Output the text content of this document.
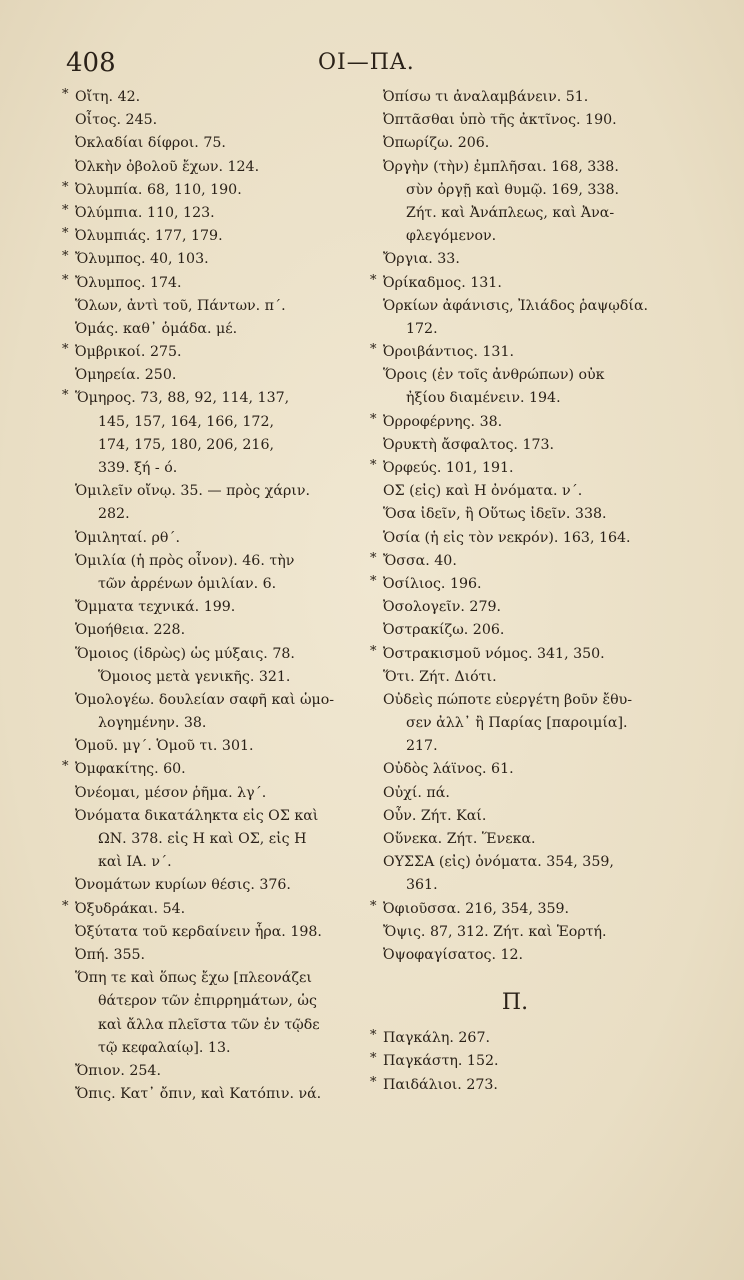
408	ΟΙ—ΠΑ.
* Οἴτη. 42.
Οἶτος. 245.
Ὀκλαδίαι δίφροι. 75.
Ὀλκὴν ὀβολοῦ ἔχων. 124.
* Ὀλυμπία. 68, 110, 190.
* Ὀλύμπια. 110, 123.
* Ὀλυμπιάς. 177, 179.
* Ὄλυμπος. 40, 103.
* Ὄλυμπος. 174.
Ὅλων, ἀντὶ τοῦ, Πάντων. π΄.
Ὁμάς. καθ᾿ ὁμάδα. μέ.
* Ὀμβρικοί. 275.
Ὁμηρεία. 250.
* Ὅμηρος. 73, 88, 92, 114, 137,
145, 157, 164, 166, 172,
174, 175, 180, 206, 216,
339. ξή - ό.
Ὁμιλεῖν οἴνῳ. 35. — πρὸς χάριν.
282.
Ὁμιληταί. ρθ΄.
Ὁμιλία (ἡ πρὸς οἶνον). 46. τὴν
τῶν ἀρρένων ὁμιλίαν. 6.
Ὄμματα τεχνικά. 199.
Ὁμοήθεια. 228.
Ὅμοιος (ἱδρὼς) ὡς μύξαις. 78.
Ὅμοιος μετὰ γενικῆς. 321.
Ὁμολογέω. δουλείαν σαφῆ καὶ ὡμο-
λογημένην. 38.
Ὁμοῦ. μγ΄. Ὁμοῦ τι. 301.
* Ὀμφακίτης. 60.
Ὀνέομαι, μέσον ῥῆμα. λγ΄.
Ὀνόματα δικατάληκτα εἰς ΟΣ καὶ
ΩΝ. 378. εἰς Η καὶ ΟΣ, εἰς Η
καὶ ΙΑ. ν΄.
Ὀνομάτων κυρίων θέσις. 376.
* Ὀξυδράκαι. 54.
Ὀξύτατα τοῦ κερδαίνειν ἧρα. 198.
Ὀπή. 355.
Ὅπη τε καὶ ὅπως ἔχω [πλεονάζει
θάτερον τῶν ἐπιρρημάτων, ὡς
καὶ ἄλλα πλεῖστα τῶν ἐν τῷδε
τῷ κεφαλαίῳ]. 13.
Ὄπιον. 254.
Ὄπις. Κατ᾿ ὄπιν, καὶ Κατόπιν. νά.
Ὀπίσω τι ἀναλαμβάνειν. 51.
Ὀπτᾶσθαι ὑπὸ τῆς ἀκτῖνος. 190.
Ὀπωρίζω. 206.
Ὀργὴν (τὴν) ἐμπλῆσαι. 168, 338.
σὺν ὀργῇ καὶ θυμῷ. 169, 338.
Ζήτ. καὶ Ἀνάπλεως, καὶ Ἀνα-
φλεγόμενον.
Ὄργια. 33.
* Ὀρίκαδμος. 131.
Ὁρκίων ἀφάνισις, Ἰλιάδος ῥαψῳδία.
172.
* Ὀροιβάντιος. 131.
Ὅροις (ἐν τοῖς ἀνθρώπων) οὐκ
ἠξίου διαμένειν. 194.
* Ὀρροφέρνης. 38.
Ὀρυκτὴ ἄσφαλτος. 173.
* Ὀρφεύς. 101, 191.
ΟΣ (εἰς) καὶ Η ὀνόματα. ν΄.
Ὅσα ἰδεῖν, ἢ Οὕτως ἰδεῖν. 338.
Ὁσία (ἡ εἰς τὸν νεκρόν). 163, 164.
* Ὄσσα. 40.
* Ὀσίλιος. 196.
Ὀσολογεῖν. 279.
Ὀστρακίζω. 206.
* Ὀστρακισμοῦ νόμος. 341, 350.
Ὅτι. Ζήτ. Διότι.
Οὐδεὶς πώποτε εὐεργέτη βοῦν ἔθυ-
σεν ἀλλ᾿ ἢ Παρίας [παροιμία].
217.
Οὐδὸς λάϊνος. 61.
Οὐχί. πά.
Οὖν. Ζήτ. Καί.
Οὕνεκα. Ζήτ. Ἕνεκα.
ΟΥΣΣΑ (εἰς) ὀνόματα. 354, 359,
361.
* Ὀφιοῦσσα. 216, 354, 359.
Ὄψις. 87, 312. Ζήτ. καὶ Ἑορτή.
Ὀψοφαγίσατος. 12.
Π.
* Παγκάλη. 267.
* Παγκάστη. 152.
* Παιδάλιοι. 273.
